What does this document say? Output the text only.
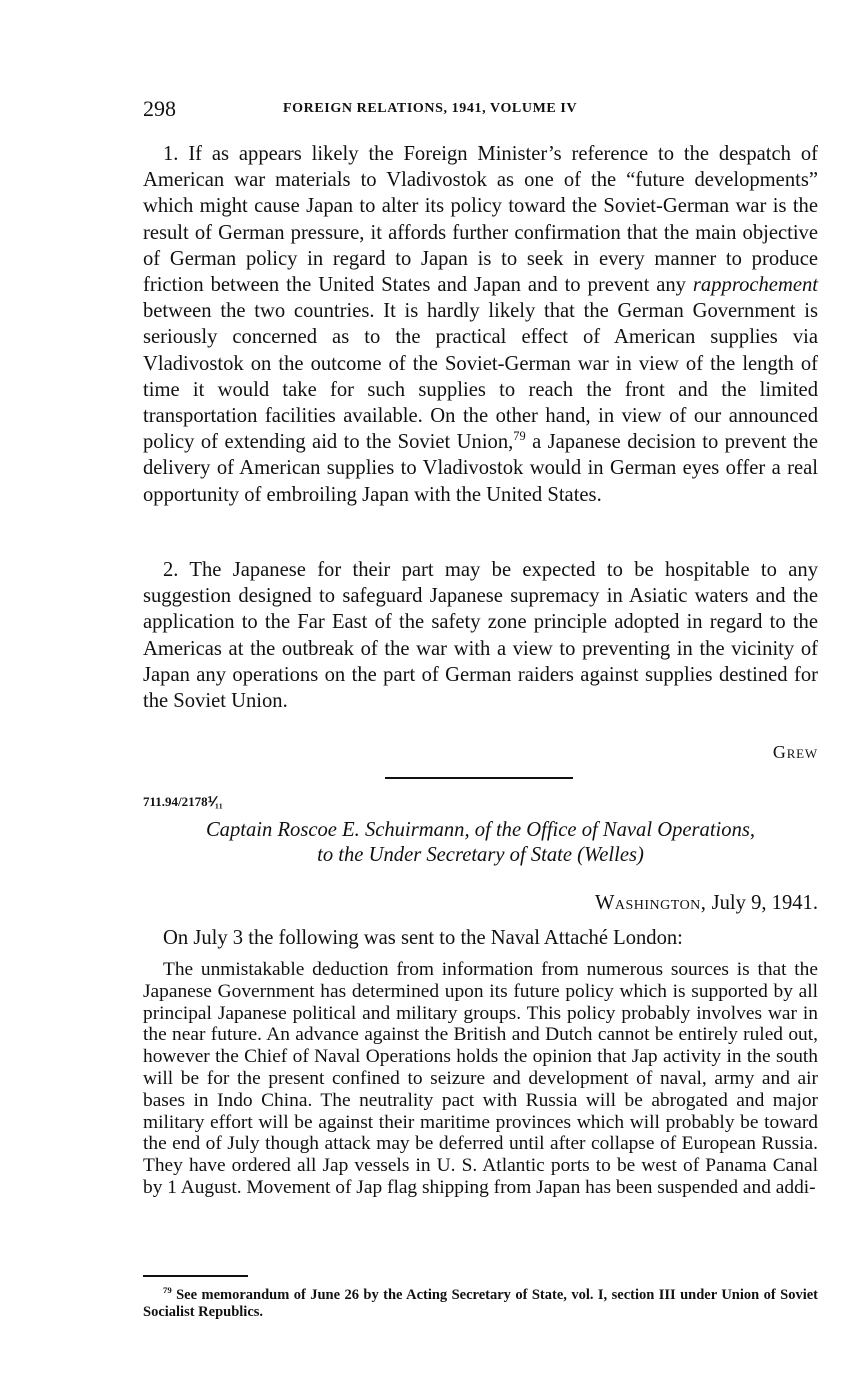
298	FOREIGN RELATIONS, 1941, VOLUME IV

1. If as appears likely the Foreign Minister’s reference to the despatch of American war materials to Vladivostok as one of the “future developments” which might cause Japan to alter its policy toward the Soviet-German war is the result of German pressure, it affords further confirmation that the main objective of German policy in regard to Japan is to seek in every manner to produce friction between the United States and Japan and to prevent any rapprochement between the two countries. It is hardly likely that the German Government is seriously concerned as to the practical effect of American supplies via Vladivostok on the outcome of the Soviet-German war in view of the length of time it would take for such supplies to reach the front and the limited transportation facilities available. On the other hand, in view of our announced policy of extending aid to the Soviet Union,$^{79}$ a Japanese decision to prevent the delivery of American supplies to Vladivostok would in German eyes offer a real opportunity of embroiling Japan with the United States.

2. The Japanese for their part may be expected to be hospitable to any suggestion designed to safeguard Japanese supremacy in Asiatic waters and the application to the Far East of the safety zone principle adopted in regard to the Americas at the outbreak of the war with a view to preventing in the vicinity of Japan any operations on the part of German raiders against supplies destined for the Soviet Union.

Grew
711.94/2178⅟₁₁
Captain Roscoe E. Schuirmann, of the Office of Naval Operations,
to the Under Secretary of State (Welles)
Washington, July 9, 1941.
On July 3 the following was sent to the Naval Attaché London:

The unmistakable deduction from information from numerous sources is that the Japanese Government has determined upon its future policy which is supported by all principal Japanese political and military groups. This policy probably involves war in the near future. An advance against the British and Dutch cannot be entirely ruled out, however the Chief of Naval Operations holds the opinion that Jap activity in the south will be for the present confined to seizure and development of naval, army and air bases in Indo China. The neutrality pact with Russia will be abrogated and major military effort will be against their maritime provinces which will probably be toward the end of July though attack may be deferred until after collapse of European Russia. They have ordered all Jap vessels in U. S. Atlantic ports to be west of Panama Canal by 1 August. Movement of Jap flag shipping from Japan has been suspended and addi-

$^{79}$ See memorandum of June 26 by the Acting Secretary of State, vol. I, section III under Union of Soviet Socialist Republics.
